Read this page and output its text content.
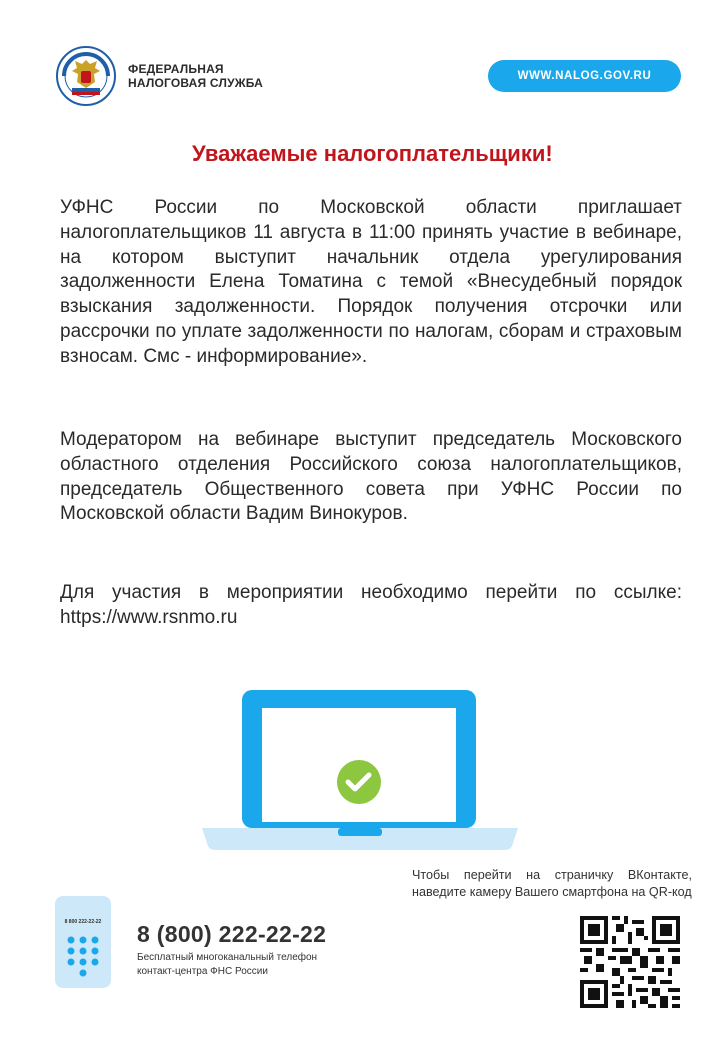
ФЕДЕРАЛЬНАЯ
НАЛОГОВАЯ СЛУЖБА	WWW.NALOG.GOV.RU
Уважаемые налогоплательщики!
УФНС России по Московской области приглашает налогоплательщиков 11 августа в 11:00 принять участие в вебинаре, на котором выступит начальник отдела урегулирования задолженности Елена Томатина с темой «Внесудебный порядок взыскания задолженности. Порядок получения отсрочки или рассрочки по уплате задолженности по налогам, сборам и страховым взносам. Смс - информирование».
Модератором на вебинаре выступит председатель Московского областного отделения Российского союза налогоплательщиков, председатель Общественного совета при УФНС России по Московской области Вадим Винокуров.
Для участия в мероприятии необходимо перейти по ссылке: https://www.rsnmo.ru
Чтобы перейти на страничку ВКонтакте, наведите камеру Вашего смартфона на QR-код
8 800 222-22-22 8 (800) 222-22-22
Бесплатный многоканальный телефон
контакт-центра ФНС России
